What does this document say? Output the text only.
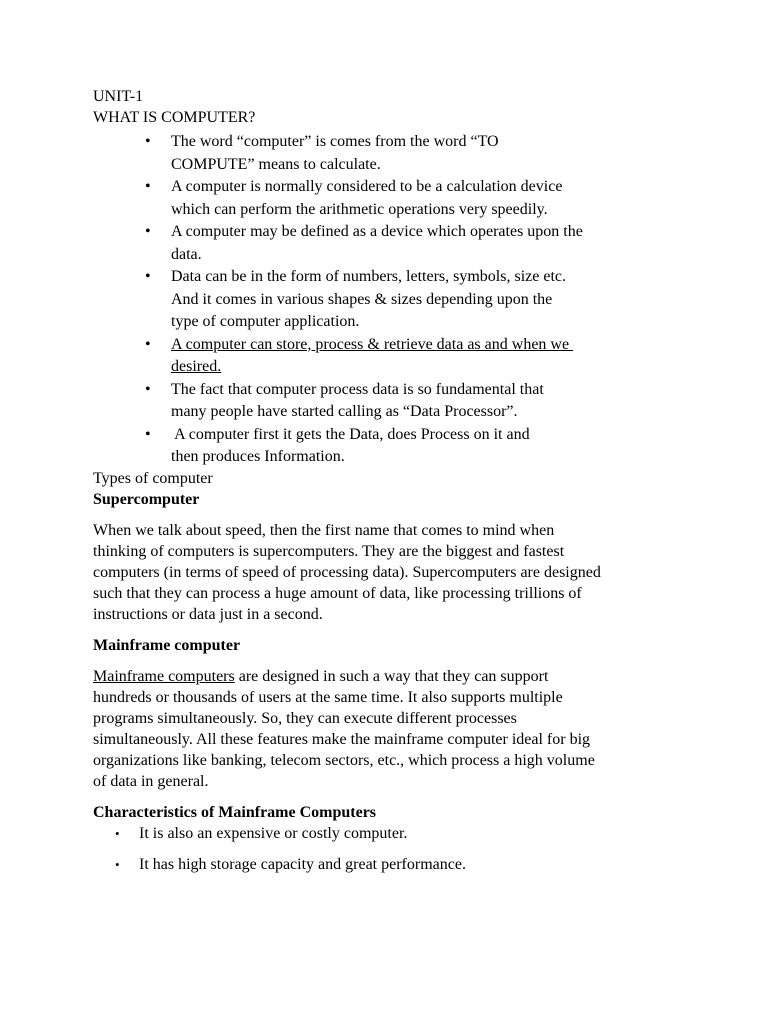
UNIT-1
WHAT IS COMPUTER?
• The word “computer” is comes from the word “TO
COMPUTE” means to calculate.
• A computer is normally considered to be a calculation device
which can perform the arithmetic operations very speedily.
• A computer may be defined as a device which operates upon the
data.
• Data can be in the form of numbers, letters, symbols, size etc.
And it comes in various shapes & sizes depending upon the
type of computer application.
• A computer can store, process & retrieve data as and when we
desired.
• The fact that computer process data is so fundamental that
many people have started calling as “Data Processor”.
• A computer first it gets the Data, does Process on it and
then produces Information.
Types of computer
Supercomputer
When we talk about speed, then the first name that comes to mind when
thinking of computers is supercomputers. They are the biggest and fastest
computers (in terms of speed of processing data). Supercomputers are designed
such that they can process a huge amount of data, like processing trillions of
instructions or data just in a second.
Mainframe computer
Mainframe computers are designed in such a way that they can support
hundreds or thousands of users at the same time. It also supports multiple
programs simultaneously. So, they can execute different processes
simultaneously. All these features make the mainframe computer ideal for big
organizations like banking, telecom sectors, etc., which process a high volume
of data in general.
Characteristics of Mainframe Computers
• It is also an expensive or costly computer.
• It has high storage capacity and great performance.
